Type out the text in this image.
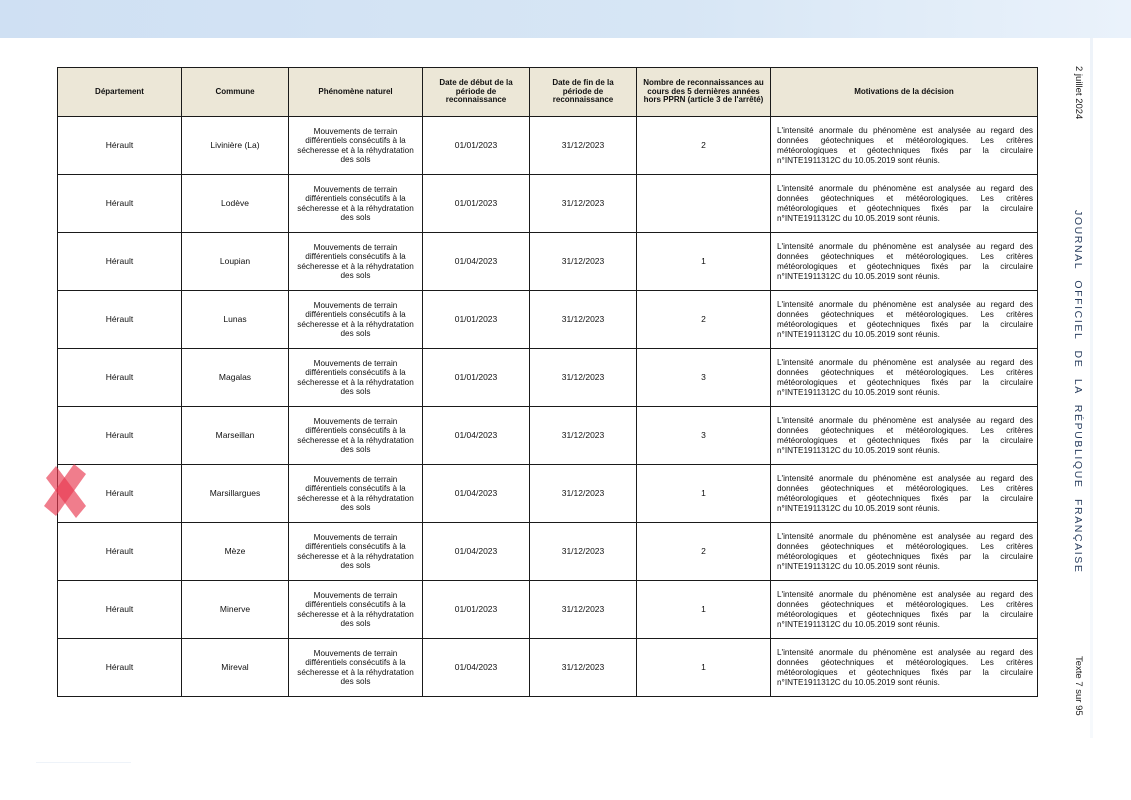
Département	Commune	Phénomène naturel	Date de début de la période de reconnaissance	Date de fin de la période de reconnaissance	Nombre de reconnaissances au cours des 5 dernières années hors PPRN (article 3 de l'arrêté)	Motivations de la décision
Hérault	Livinière (La)	Mouvements de terrain différentiels consécutifs à la sécheresse et à la réhydratation des sols	01/01/2023	31/12/2023	2	L'intensité anormale du phénomène est analysée au regard des données géotechniques et météorologiques. Les critères météorologiques et géotechniques fixés par la circulaire n°INTE1911312C du 10.05.2019 sont réunis.
Hérault	Lodève	Mouvements de terrain différentiels consécutifs à la sécheresse et à la réhydratation des sols	01/01/2023	31/12/2023		L'intensité anormale du phénomène est analysée au regard des données géotechniques et météorologiques. Les critères météorologiques et géotechniques fixés par la circulaire n°INTE1911312C du 10.05.2019 sont réunis.
Hérault	Loupian	Mouvements de terrain différentiels consécutifs à la sécheresse et à la réhydratation des sols	01/04/2023	31/12/2023	1	L'intensité anormale du phénomène est analysée au regard des données géotechniques et météorologiques. Les critères météorologiques et géotechniques fixés par la circulaire n°INTE1911312C du 10.05.2019 sont réunis.
Hérault	Lunas	Mouvements de terrain différentiels consécutifs à la sécheresse et à la réhydratation des sols	01/01/2023	31/12/2023	2	L'intensité anormale du phénomène est analysée au regard des données géotechniques et météorologiques. Les critères météorologiques et géotechniques fixés par la circulaire n°INTE1911312C du 10.05.2019 sont réunis.
Hérault	Magalas	Mouvements de terrain différentiels consécutifs à la sécheresse et à la réhydratation des sols	01/01/2023	31/12/2023	3	L'intensité anormale du phénomène est analysée au regard des données géotechniques et météorologiques. Les critères météorologiques et géotechniques fixés par la circulaire n°INTE1911312C du 10.05.2019 sont réunis.
Hérault	Marseillan	Mouvements de terrain différentiels consécutifs à la sécheresse et à la réhydratation des sols	01/04/2023	31/12/2023	3	L'intensité anormale du phénomène est analysée au regard des données géotechniques et météorologiques. Les critères météorologiques et géotechniques fixés par la circulaire n°INTE1911312C du 10.05.2019 sont réunis.
Hérault	Marsillargues	Mouvements de terrain différentiels consécutifs à la sécheresse et à la réhydratation des sols	01/04/2023	31/12/2023	1	L'intensité anormale du phénomène est analysée au regard des données géotechniques et météorologiques. Les critères météorologiques et géotechniques fixés par la circulaire n°INTE1911312C du 10.05.2019 sont réunis.
Hérault	Mèze	Mouvements de terrain différentiels consécutifs à la sécheresse et à la réhydratation des sols	01/04/2023	31/12/2023	2	L'intensité anormale du phénomène est analysée au regard des données géotechniques et météorologiques. Les critères météorologiques et géotechniques fixés par la circulaire n°INTE1911312C du 10.05.2019 sont réunis.
Hérault	Minerve	Mouvements de terrain différentiels consécutifs à la sécheresse et à la réhydratation des sols	01/01/2023	31/12/2023	1	L'intensité anormale du phénomène est analysée au regard des données géotechniques et météorologiques. Les critères météorologiques et géotechniques fixés par la circulaire n°INTE1911312C du 10.05.2019 sont réunis.
Hérault	Mireval	Mouvements de terrain différentiels consécutifs à la sécheresse et à la réhydratation des sols	01/04/2023	31/12/2023	1	L'intensité anormale du phénomène est analysée au regard des données géotechniques et météorologiques. Les critères météorologiques et géotechniques fixés par la circulaire n°INTE1911312C du 10.05.2019 sont réunis.
2 juillet 2024
JOURNAL OFFICIEL DE LA RÉPUBLIQUE FRANÇAISE
Texte 7 sur 95
